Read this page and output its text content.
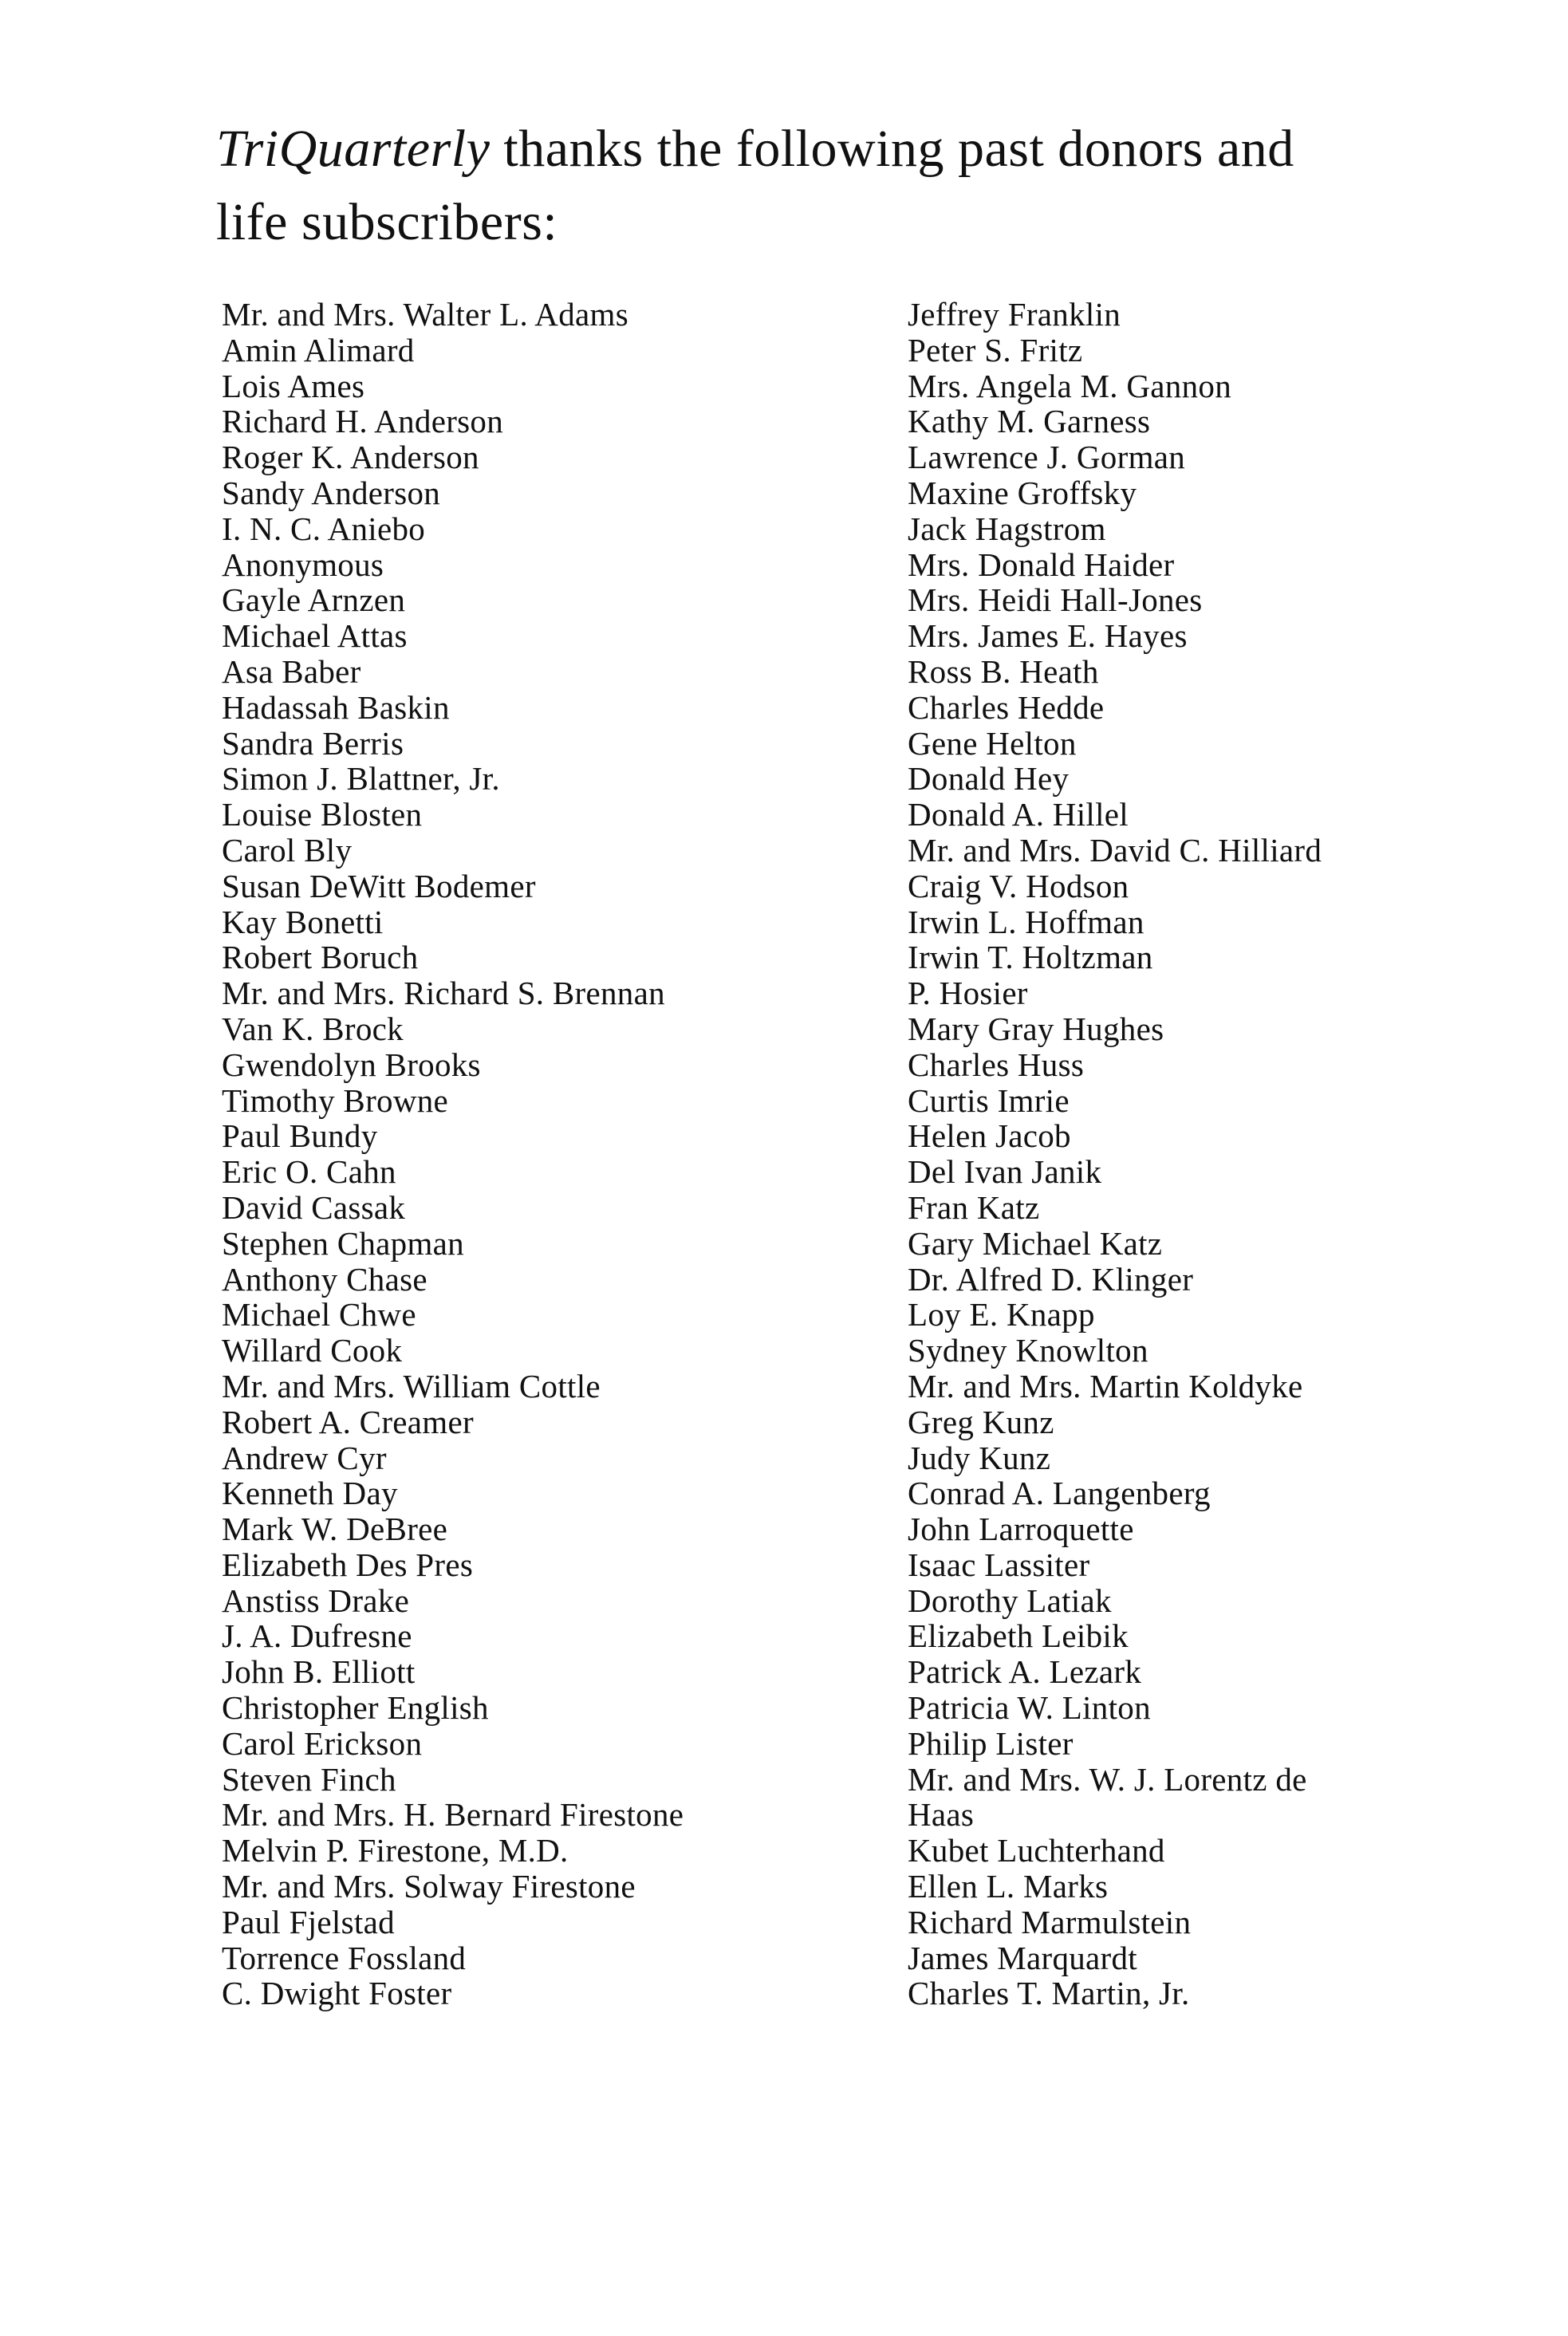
TriQuarterly thanks the following past donors and
life subscribers:
Mr. and Mrs. Walter L. Adams
Amin Alimard
Lois Ames
Richard H. Anderson
Roger K. Anderson
Sandy Anderson
I. N. C. Aniebo
Anonymous
Gayle Arnzen
Michael Attas
Asa Baber
Hadassah Baskin
Sandra Berris
Simon J. Blattner, Jr.
Louise Blosten
Carol Bly
Susan DeWitt Bodemer
Kay Bonetti
Robert Boruch
Mr. and Mrs. Richard S. Brennan
Van K. Brock
Gwendolyn Brooks
Timothy Browne
Paul Bundy
Eric O. Cahn
David Cassak
Stephen Chapman
Anthony Chase
Michael Chwe
Willard Cook
Mr. and Mrs. William Cottle
Robert A. Creamer
Andrew Cyr
Kenneth Day
Mark W. DeBree
Elizabeth Des Pres
Anstiss Drake
J. A. Dufresne
John B. Elliott
Christopher English
Carol Erickson
Steven Finch
Mr. and Mrs. H. Bernard Firestone
Melvin P. Firestone, M.D.
Mr. and Mrs. Solway Firestone
Paul Fjelstad
Torrence Fossland
C. Dwight Foster
Jeffrey Franklin
Peter S. Fritz
Mrs. Angela M. Gannon
Kathy M. Garness
Lawrence J. Gorman
Maxine Groffsky
Jack Hagstrom
Mrs. Donald Haider
Mrs. Heidi Hall-Jones
Mrs. James E. Hayes
Ross B. Heath
Charles Hedde
Gene Helton
Donald Hey
Donald A. Hillel
Mr. and Mrs. David C. Hilliard
Craig V. Hodson
Irwin L. Hoffman
Irwin T. Holtzman
P. Hosier
Mary Gray Hughes
Charles Huss
Curtis Imrie
Helen Jacob
Del Ivan Janik
Fran Katz
Gary Michael Katz
Dr. Alfred D. Klinger
Loy E. Knapp
Sydney Knowlton
Mr. and Mrs. Martin Koldyke
Greg Kunz
Judy Kunz
Conrad A. Langenberg
John Larroquette
Isaac Lassiter
Dorothy Latiak
Elizabeth Leibik
Patrick A. Lezark
Patricia W. Linton
Philip Lister
Mr. and Mrs. W. J. Lorentz de
Haas
Kubet Luchterhand
Ellen L. Marks
Richard Marmulstein
James Marquardt
Charles T. Martin, Jr.
